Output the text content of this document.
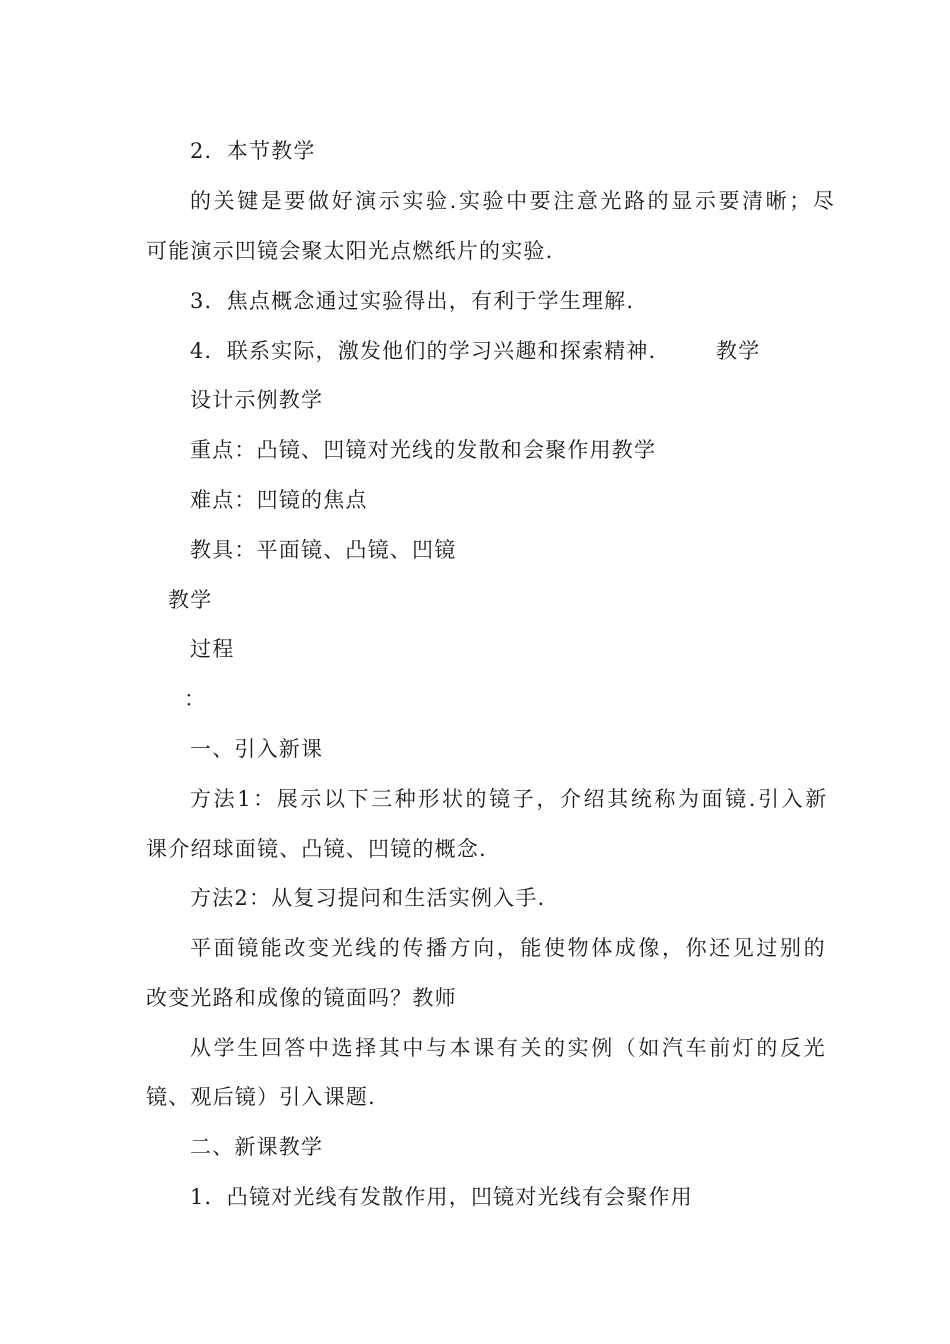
2．本节教学
的关键是要做好演示实验.实验中要注意光路的显示要清晰；尽
可能演示凹镜会聚太阳光点燃纸片的实验.
3．焦点概念通过实验得出，有利于学生理解.
4．联系实际，激发他们的学习兴趣和探索精神.	教学
设计示例教学
重点：凸镜、凹镜对光线的发散和会聚作用教学
难点：凹镜的焦点
教具：平面镜、凸镜、凹镜
教学
过程
：
一、引入新课
方法1：展示以下三种形状的镜子，介绍其统称为面镜.引入新
课介绍球面镜、凸镜、凹镜的概念.
方法2：从复习提问和生活实例入手.
平面镜能改变光线的传播方向，能使物体成像，你还见过别的
改变光路和成像的镜面吗？教师
从学生回答中选择其中与本课有关的实例（如汽车前灯的反光
镜、观后镜）引入课题.
二、新课教学
1．凸镜对光线有发散作用，凹镜对光线有会聚作用
